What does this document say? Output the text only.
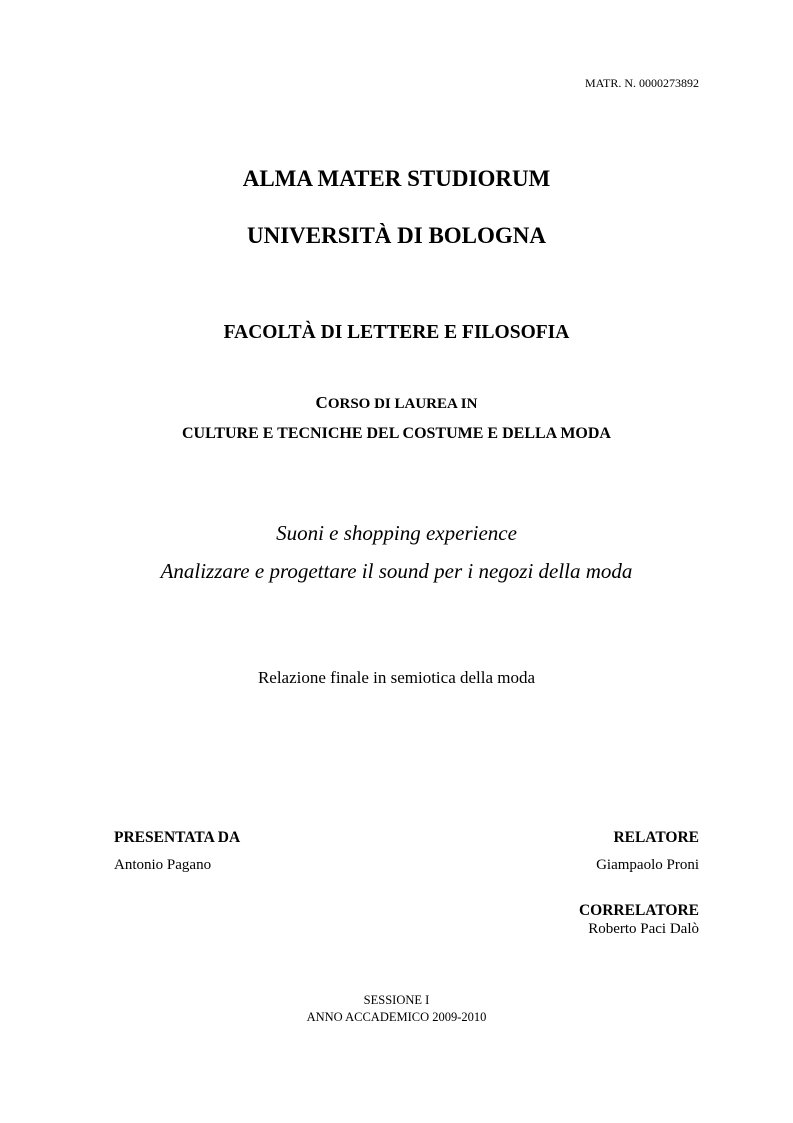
MATR. N. 0000273892
ALMA MATER STUDIORUM
UNIVERSITÀ DI BOLOGNA
FACOLTÀ DI LETTERE E FILOSOFIA
CORSO DI LAUREA IN
CULTURE E TECNICHE DEL COSTUME E DELLA MODA
Suoni e shopping experience
Analizzare e progettare il sound per i negozi della moda
Relazione finale in semiotica della moda
PRESENTATA DA
Antonio Pagano
RELATORE
Giampaolo Proni
CORRELATORE
Roberto Paci Dalò
SESSIONE I
ANNO ACCADEMICO 2009-2010
